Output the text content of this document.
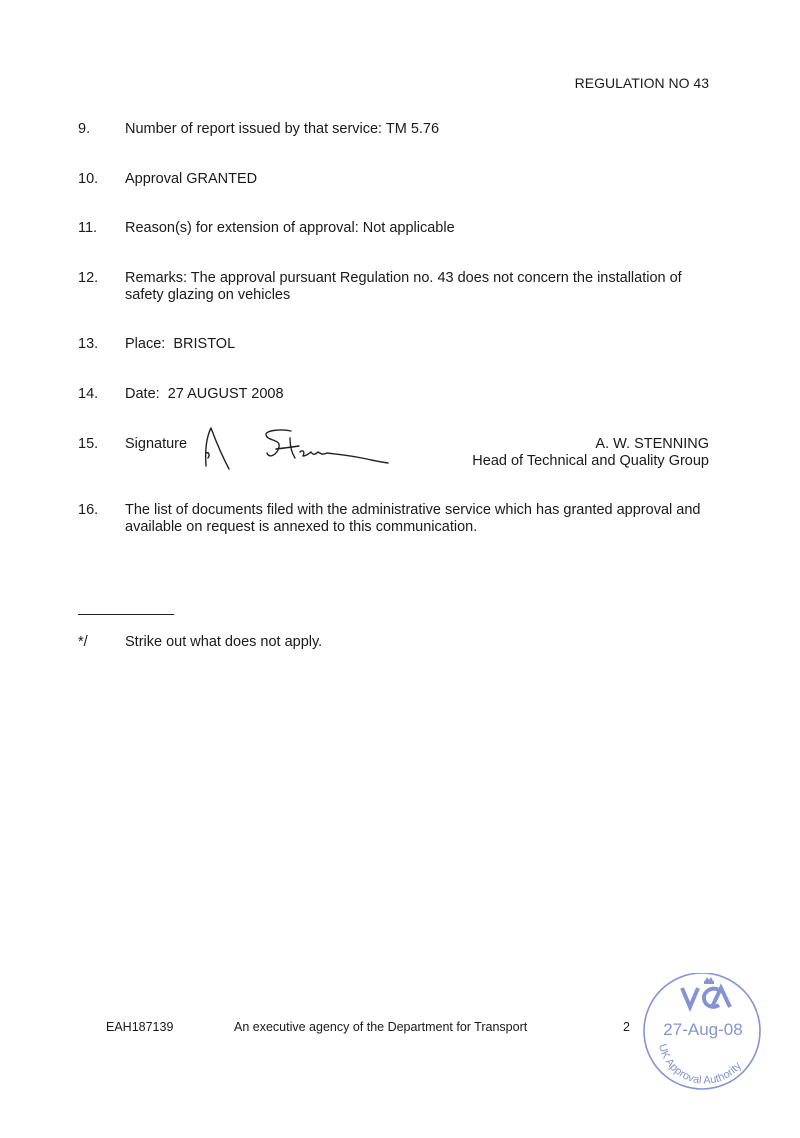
REGULATION NO 43
9. Number of report issued by that service: TM 5.76
10. Approval GRANTED
11. Reason(s) for extension of approval: Not applicable
12. Remarks: The approval pursuant Regulation no. 43 does not concern the installation of
safety glazing on vehicles
13. Place:  BRISTOL
14. Date:  27 AUGUST 2008
15. Signature	A. W. STENNING
Head of Technical and Quality Group
16. The list of documents filed with the administrative service which has granted approval and
available on request is annexed to this communication.
*/	Strike out what does not apply.
EAH187139	An executive agency of the Department for Transport	2 27-Aug-08
UK Approval Authority
